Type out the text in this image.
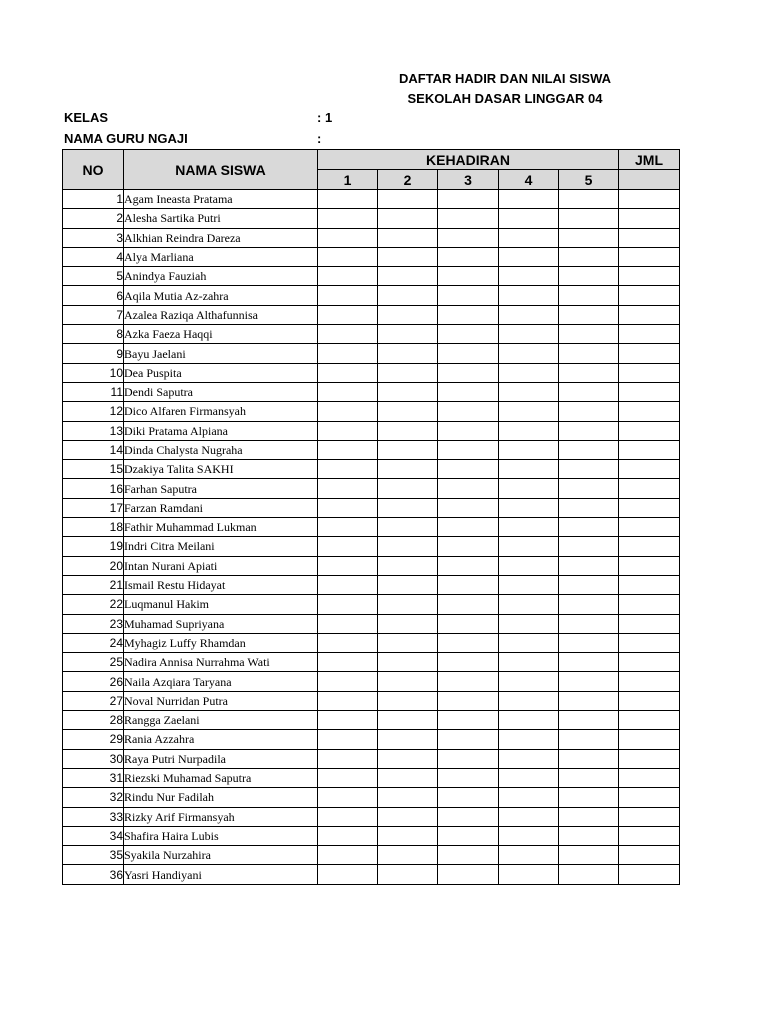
DAFTAR HADIR DAN NILAI SISWA
SEKOLAH DASAR LINGGAR 04
KELAS	: 1
NAMA GURU NGAJI	:
NO	NAMA SISWA	KEHADIRAN					JML
		1	2	3	4	5	
1	Agam Ineasta Pratama						
2	Alesha Sartika Putri						
3	Alkhian Reindra Dareza						
4	Alya Marliana						
5	Anindya Fauziah						
6	Aqila Mutia Az-zahra						
7	Azalea Raziqa Althafunnisa						
8	Azka Faeza Haqqi						
9	Bayu Jaelani						
10	Dea Puspita						
11	Dendi Saputra						
12	Dico Alfaren Firmansyah						
13	Diki Pratama Alpiana						
14	Dinda Chalysta Nugraha						
15	Dzakiya Talita SAKHI						
16	Farhan Saputra						
17	Farzan Ramdani						
18	Fathir Muhammad Lukman						
19	Indri Citra Meilani						
20	Intan Nurani Apiati						
21	Ismail Restu Hidayat						
22	Luqmanul Hakim						
23	Muhamad Supriyana						
24	Myhagiz Luffy Rhamdan						
25	Nadira Annisa Nurrahma Wati						
26	Naila Azqiara Taryana						
27	Noval Nurridan Putra						
28	Rangga Zaelani						
29	Rania Azzahra						
30	Raya Putri Nurpadila						
31	Riezski Muhamad Saputra						
32	Rindu Nur Fadilah						
33	Rizky Arif Firmansyah						
34	Shafira Haira Lubis						
35	Syakila Nurzahira						
36	Yasri Handiyani						
